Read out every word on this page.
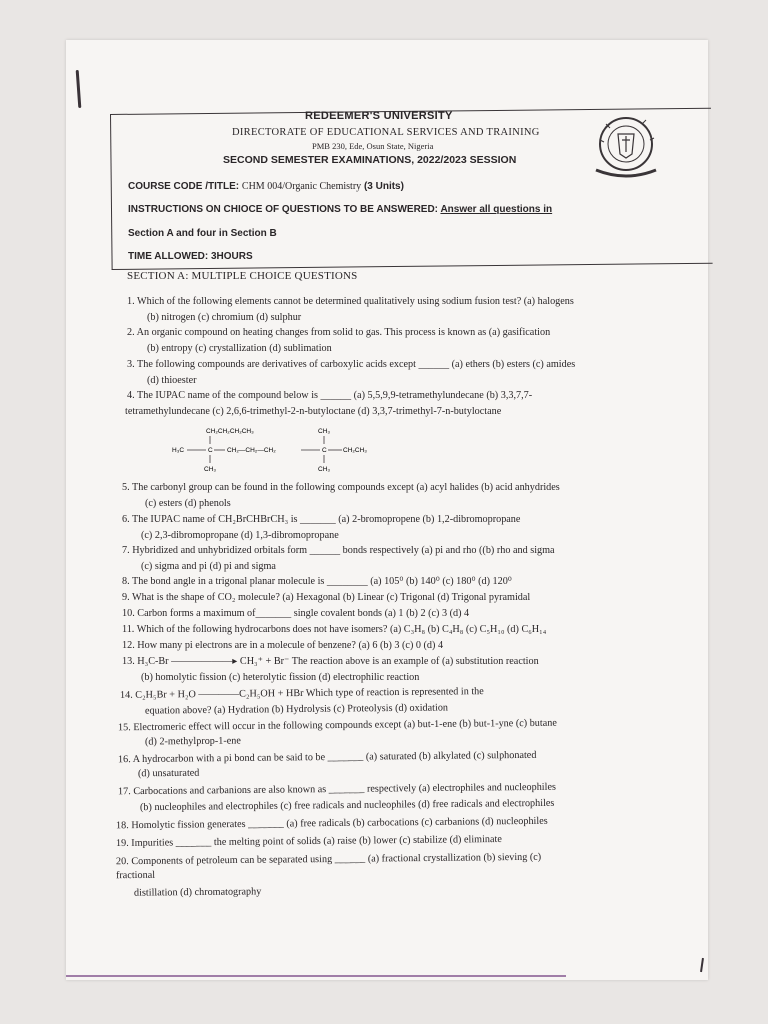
REDEEMER'S UNIVERSITY
DIRECTORATE OF EDUCATIONAL SERVICES AND TRAINING
PMB 230, Ede, Osun State, Nigeria
SECOND SEMESTER EXAMINATIONS, 2022/2023 SESSION
COURSE CODE /TITLE: CHM 004/Organic Chemistry (3 Units)
INSTRUCTIONS ON CHIOCE OF QUESTIONS TO BE ANSWERED: Answer all questions in
Section A and four in Section B
TIME ALLOWED: 3HOURS
SECTION A: MULTIPLE CHOICE QUESTIONS
1. Which of the following elements cannot be determined qualitatively using sodium fusion test? (a) halogens
(b) nitrogen (c) chromium (d) sulphur
2. An organic compound on heating changes from solid to gas. This process is known as (a) gasification
(b) entropy (c) crystallization (d) sublimation
3. The following compounds are derivatives of carboxylic acids except ______ (a) ethers (b) esters (c) amides
(d) thioester
4. The IUPAC name of the compound below is ______ (a) 5,5,9,9-tetramethylundecane (b) 3,3,7,7-
tetramethylundecane (c) 2,6,6-trimethyl-2-n-butyloctane (d) 3,3,7-trimethyl-7-n-butyloctane
5. The carbonyl group can be found in the following compounds except (a) acyl halides (b) acid anhydrides
(c) esters (d) phenols
6. The IUPAC name of CH₂BrCHBrCH₃ is _______ (a) 2-bromopropene (b) 1,2-dibromopropane
(c) 2,3-dibromopropane (d) 1,3-dibromopropane
7. Hybridized and unhybridized orbitals form ______ bonds respectively (a) pi and rho ((b) rho and sigma
(c) sigma and pi (d) pi and sigma
8. The bond angle in a trigonal planar molecule is ________ (a) 105⁰ (b) 140⁰ (c) 180⁰ (d) 120⁰
9. What is the shape of CO₂ molecule? (a) Hexagonal (b) Linear (c) Trigonal (d) Trigonal pyramidal
10. Carbon forms a maximum of_______ single covalent bonds (a) 1 (b) 2 (c) 3 (d) 4
11. Which of the following hydrocarbons does not have isomers? (a) C₃H₈ (b) C₄H₈ (c) C₅H₁₀ (d) C₆H₁₄
12. How many pi electrons are in a molecule of benzene? (a) 6 (b) 3 (c) 0 (d) 4
13. H₃C-Br ——————▸ CH₃⁺ + Br⁻ The reaction above is an example of (a) substitution reaction
(b) homolytic fission (c) heterolytic fission (d) electrophilic reaction
14. C₂H₅Br + H₂O ————C₂H₅OH + HBr Which type of reaction is represented in the
equation above? (a) Hydration (b) Hydrolysis (c) Proteolysis (d) oxidation
15. Electromeric effect will occur in the following compounds except (a) but-1-ene (b) but-1-yne (c) butane
(d) 2-methylprop-1-ene
16. A hydrocarbon with a pi bond can be said to be _______ (a) saturated (b) alkylated (c) sulphonated
(d) unsaturated
17. Carbocations and carbanions are also known as _______ respectively (a) electrophiles and nucleophiles
(b) nucleophiles and electrophiles (c) free radicals and nucleophiles (d) free radicals and electrophiles
18. Homolytic fission generates _______ (a) free radicals (b) carbocations (c) carbanions (d) nucleophiles
19. Impurities _______ the melting point of solids (a) raise (b) lower (c) stabilize (d) eliminate
20. Components of petroleum can be separated using ______ (a) fractional crystallization (b) sieving (c)
fractional
distillation (d) chromatography
CH₂CH₂CH₂CH₃	CH₃
H₃C	C CH₂—CH₂—CH₂	C	CH₂CH₃
CH₃	CH₃
